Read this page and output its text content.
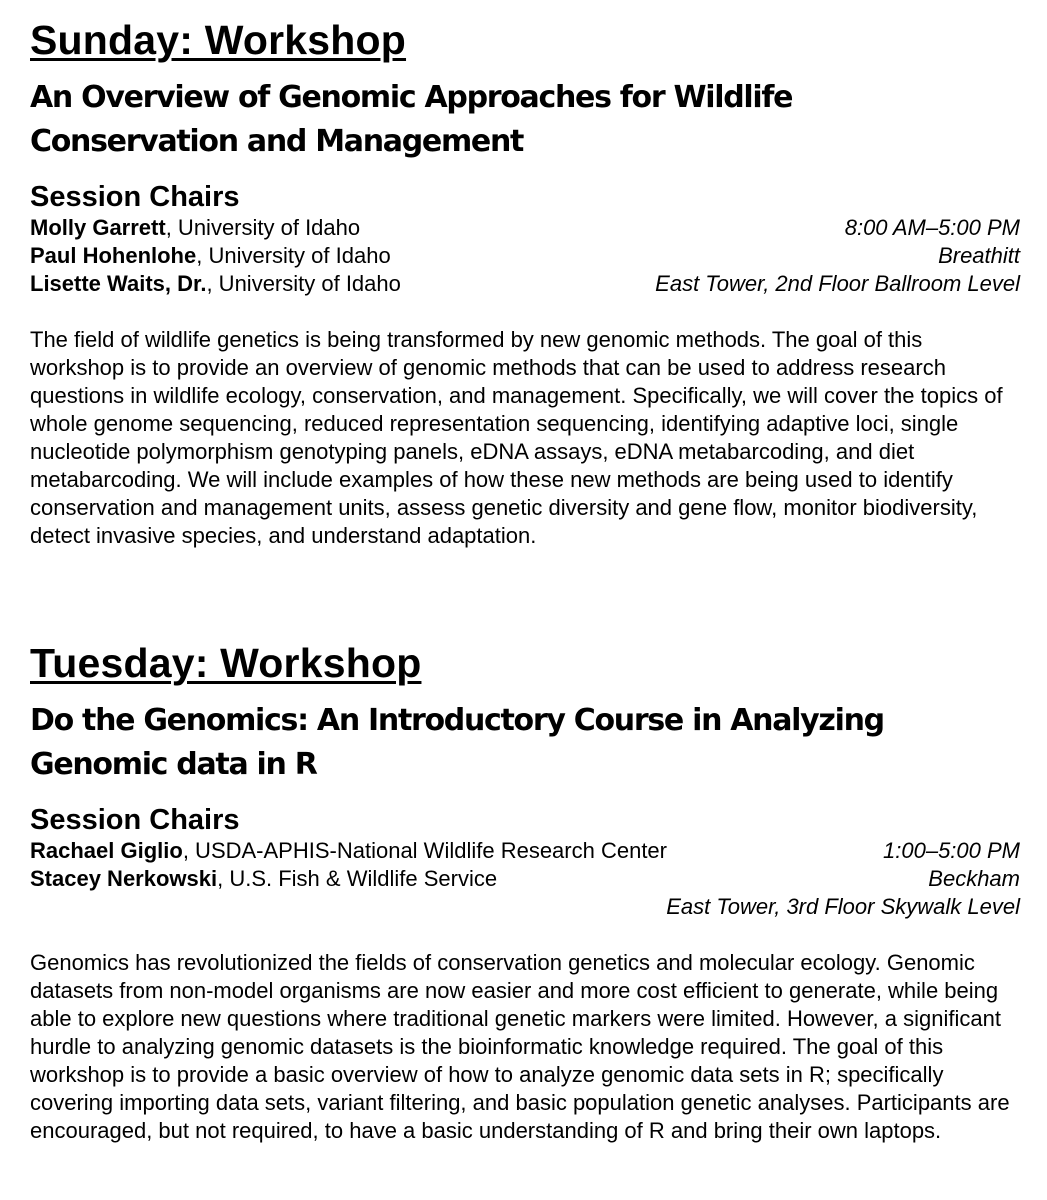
Sunday: Workshop
An Overview of Genomic Approaches for Wildlife Conservation and Management
Session Chairs
Molly Garrett, University of Idaho
Paul Hohenlohe, University of Idaho
Lisette Waits, Dr., University of Idaho
8:00 AM–5:00 PM
Breathitt
East Tower, 2nd Floor Ballroom Level

The field of wildlife genetics is being transformed by new genomic methods. The goal of this workshop is to provide an overview of genomic methods that can be used to address research questions in wildlife ecology, conservation, and management. Specifically, we will cover the topics of whole genome sequencing, reduced representation sequencing, identifying adaptive loci, single nucleotide polymorphism genotyping panels, eDNA assays, eDNA metabarcoding, and diet metabarcoding. We will include examples of how these new methods are being used to identify conservation and management units, assess genetic diversity and gene flow, monitor biodiversity, detect invasive species, and understand adaptation.

Tuesday: Workshop
Do the Genomics: An Introductory Course in Analyzing Genomic data in R
Session Chairs
Rachael Giglio, USDA-APHIS-National Wildlife Research Center
Stacey Nerkowski, U.S. Fish & Wildlife Service
1:00–5:00 PM
Beckham
East Tower, 3rd Floor Skywalk Level

Genomics has revolutionized the fields of conservation genetics and molecular ecology. Genomic datasets from non-model organisms are now easier and more cost efficient to generate, while being able to explore new questions where traditional genetic markers were limited. However, a significant hurdle to analyzing genomic datasets is the bioinformatic knowledge required. The goal of this workshop is to provide a basic overview of how to analyze genomic data sets in R; specifically covering importing data sets, variant filtering, and basic population genetic analyses. Participants are encouraged, but not required, to have a basic understanding of R and bring their own laptops.
